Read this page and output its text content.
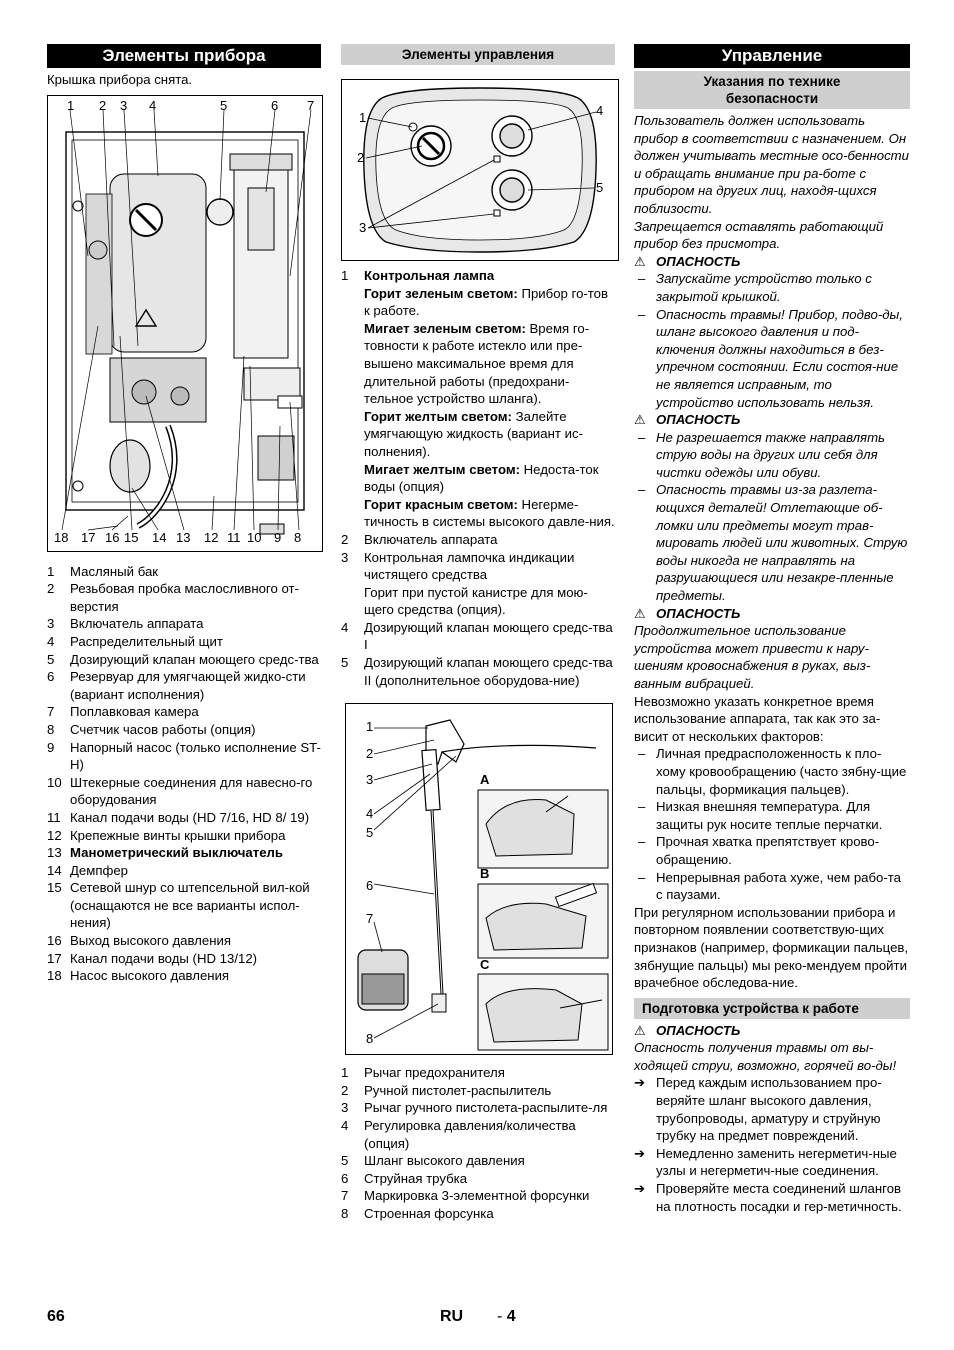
Элементы прибора

Крышка прибора снята.

1 2 3 4	5	6 7
18 17 16 15 14 13 12 11 10 9 8
1 Масляный бак
2 Резьбовая пробка маслосливного от-верстия
3 Включатель аппарата
4 Распределительный щит
5 Дозирующий клапан моющего средс-тва
6 Резервуар для умягчающей жидко-сти (вариант исполнения)
7 Поплавковая камера
8 Счетчик часов работы (опция)
9 Напорный насос (только исполнение ST-H)
10 Штекерные соединения для навесно-го оборудования
11 Канал подачи воды (HD 7/16, HD 8/ 19)
12 Крепежные винты крышки прибора
13 Манометрический выключатель
14 Демпфер
15 Сетевой шнур со штепсельной вил-кой
(оснащаются не все варианты испол-нения)
16 Выход высокого давления
17 Канал подачи воды (HD 13/12)
18 Насос высокого давления
Элементы управления
1
2
3
4
5
1 Контрольная лампа
Горит зеленым светом: Прибор го-тов к работе.
Мигает зеленым светом: Время го-товности к работе истекло или пре-вышено максимальное время для длительной работы (предохрани-тельное устройство шланга).
Горит желтым светом: Залейте умягчающую жидкость (вариант ис-полнения).
Мигает желтым светом: Недоста-ток воды (опция)
Горит красным светом: Негерме-тичность в системы высокого давле-ния.
2 Включатель аппарата
3 Контрольная лампочка индикации чистящего средства
Горит при пустой канистре для мою-щего средства (опция).
4 Дозирующий клапан моющего средс-тва I
5 Дозирующий клапан моющего средс-тва II (дополнительное оборудова-ние)
1
2
3
4
5
6
7
8
A
B
C
1 Рычаг предохранителя
2 Ручной пистолет-распылитель
3 Рычаг ручного пистолета-распылите-ля
4 Регулировка давления/количества (опция)
5 Шланг высокого давления
6 Струйная трубка
7 Маркировка 3-элементной форсунки
8 Строенная форсунка
Управление
Указания по технике безопасности

Пользователь должен использовать прибор в соответствии с назначением. Он должен учитывать местные осо-бенности и обращать внимание при ра-боте с прибором на других лиц, находя-щихся поблизости.

Запрещается оставлять работающий прибор без присмотра.

⚠ ОПАСНОСТЬ
– Запускайте устройство только с закрытой крышкой.
– Опасность травмы! Прибор, подво-ды, шланг высокого давления и под-ключения должны находиться в без-упречном состоянии. Если состоя-ние не является исправным, то устройство использовать нельзя.
⚠ ОПАСНОСТЬ
– Не разрешается также направлять струю воды на других или себя для чистки одежды или обуви.
– Опасность травмы из-за разлета-ющихся деталей! Отлетающие об-ломки или предметы могут трав-мировать людей или животных. Струю воды никогда не направлять на разрушающиеся или незакре-пленные предметы.
⚠ ОПАСНОСТЬ

Продолжительное использование устройства может привести к нару-шениям кровоснабжения в руках, выз-ванным вибрацией.

Невозможно указать конкретное время использование аппарата, так как это за-висит от нескольких факторов:

– Личная предрасположенность к пло-хому кровообращению (часто зябну-щие пальцы, формикация пальцев).
– Низкая внешняя температура. Для защиты рук носите теплые перчатки.
– Прочная хватка препятствует крово-обращению.
– Непрерывная работа хуже, чем рабо-та с паузами.

При регулярном использовании прибора и повторном появлении соответствую-щих признаков (например, формикации пальцев, зябнущие пальцы) мы реко-мендуем пройти врачебное обследова-ние.

Подготовка устройства к работе
⚠ ОПАСНОСТЬ

Опасность получения травмы от вы-ходящей струи, возможно, горячей во-ды!

➔ Перед каждым использованием про-веряйте шланг высокого давления, трубопроводы, арматуру и струйную трубку на предмет повреждений.
➔ Немедленно заменить негерметич-ные узлы и негерметич-ные соединения.
➔ Проверяйте места соединений шлангов на плотность посадки и гер-метичность.
66	RU - 4
